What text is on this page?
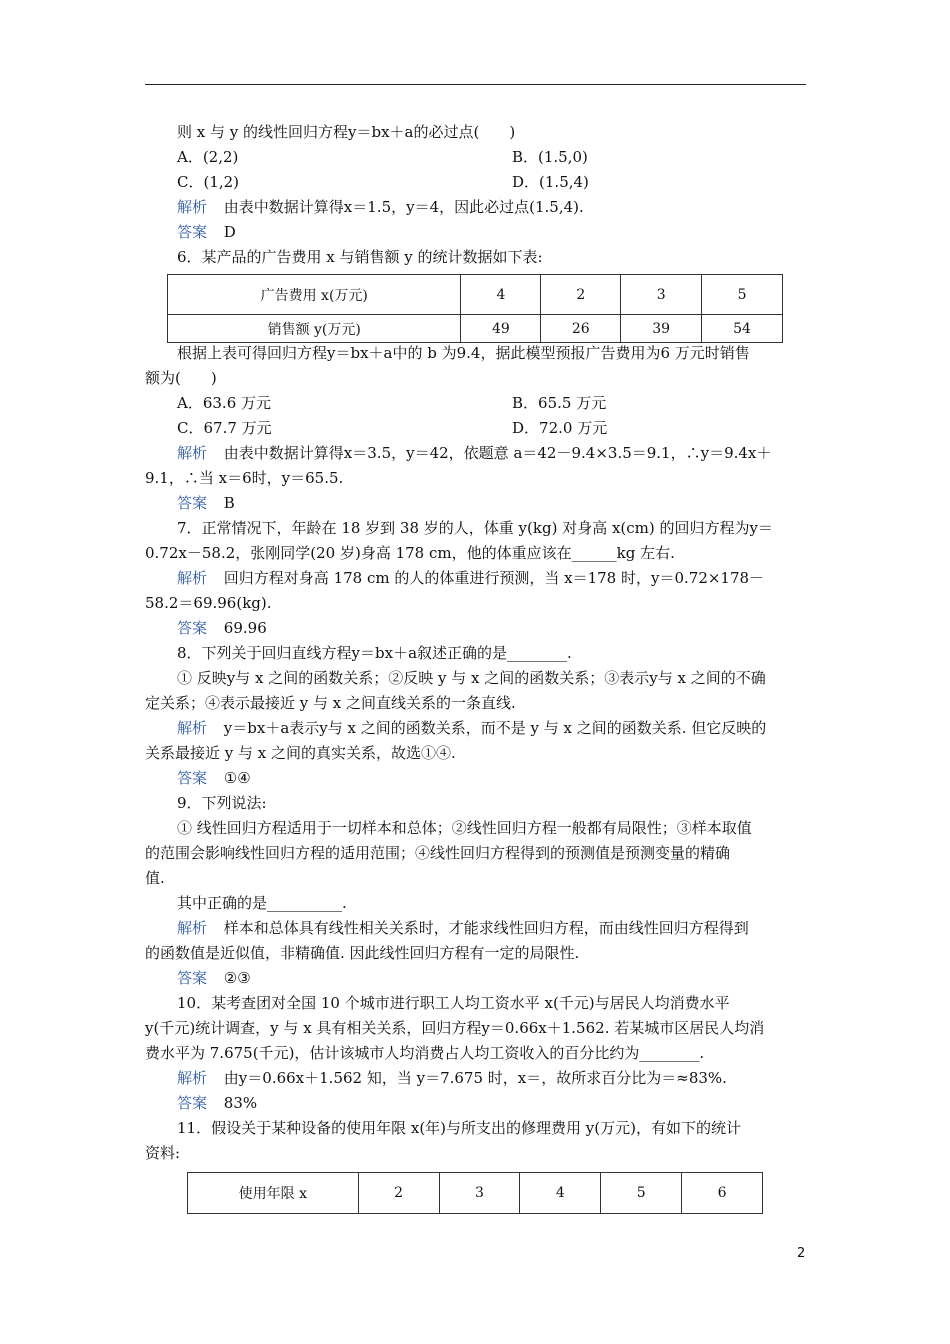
则 x 与 y 的线性回归方程y＝bx＋a的必过点(　　)
A．(2,2)	B．(1.5,0)
C．(1,2)	D．(1.5,4)
解析 由表中数据计算得x＝1.5，y＝4，因此必过点(1.5,4).
答案 D
6．某产品的广告费用 x 与销售额 y 的统计数据如下表:
广告费用 x(万元)	4	2	3	5
销售额 y(万元)	49	26	39	54
根据上表可得回归方程y＝bx＋a中的 b 为9.4，据此模型预报广告费用为6 万元时销售
额为(　　)
A．63.6 万元	B．65.5 万元
C．67.7 万元	D．72.0 万元
解析 由表中数据计算得x＝3.5，y＝42，依题意 a＝42－9.4×3.5＝9.1，∴y＝9.4x＋
9.1，∴当 x＝6时，y＝65.5.
答案 B
7．正常情况下，年龄在 18 岁到 38 岁的人，体重 y(kg) 对身高 x(cm) 的回归方程为y＝
0.72x－58.2，张刚同学(20 岁)身高 178 cm，他的体重应该在______kg 左右.
解析 回归方程对身高 178 cm 的人的体重进行预测，当 x＝178 时，y＝0.72×178－
58.2＝69.96(kg).
答案 69.96
8．下列关于回归直线方程y＝bx＋a叙述正确的是________.
① 反映y与 x 之间的函数关系；②反映 y 与 x 之间的函数关系；③表示y与 x 之间的不确
定关系；④表示最接近 y 与 x 之间直线关系的一条直线.
解析 y＝bx＋a表示y与 x 之间的函数关系，而不是 y 与 x 之间的函数关系. 但它反映的
关系最接近 y 与 x 之间的真实关系，故选①④.
答案 ①④
9．下列说法:
① 线性回归方程适用于一切样本和总体；②线性回归方程一般都有局限性；③样本取值
的范围会影响线性回归方程的适用范围；④线性回归方程得到的预测值是预测变量的精确
值.
其中正确的是__________.
解析 样本和总体具有线性相关关系时，才能求线性回归方程，而由线性回归方程得到
的函数值是近似值，非精确值. 因此线性回归方程有一定的局限性.
答案 ②③
10．某考查团对全国 10 个城市进行职工人均工资水平 x(千元)与居民人均消费水平
y(千元)统计调查，y 与 x 具有相关关系，回归方程y＝0.66x＋1.562. 若某城市区居民人均消
费水平为 7.675(千元)，估计该城市人均消费占人均工资收入的百分比约为________.
解析 由y＝0.66x＋1.562 知，当 y＝7.675 时，x＝，故所求百分比为＝≈83%.
答案 83%
11．假设关于某种设备的使用年限 x(年)与所支出的修理费用 y(万元)，有如下的统计
资料:
使用年限 x	2	3	4	5	6
2
